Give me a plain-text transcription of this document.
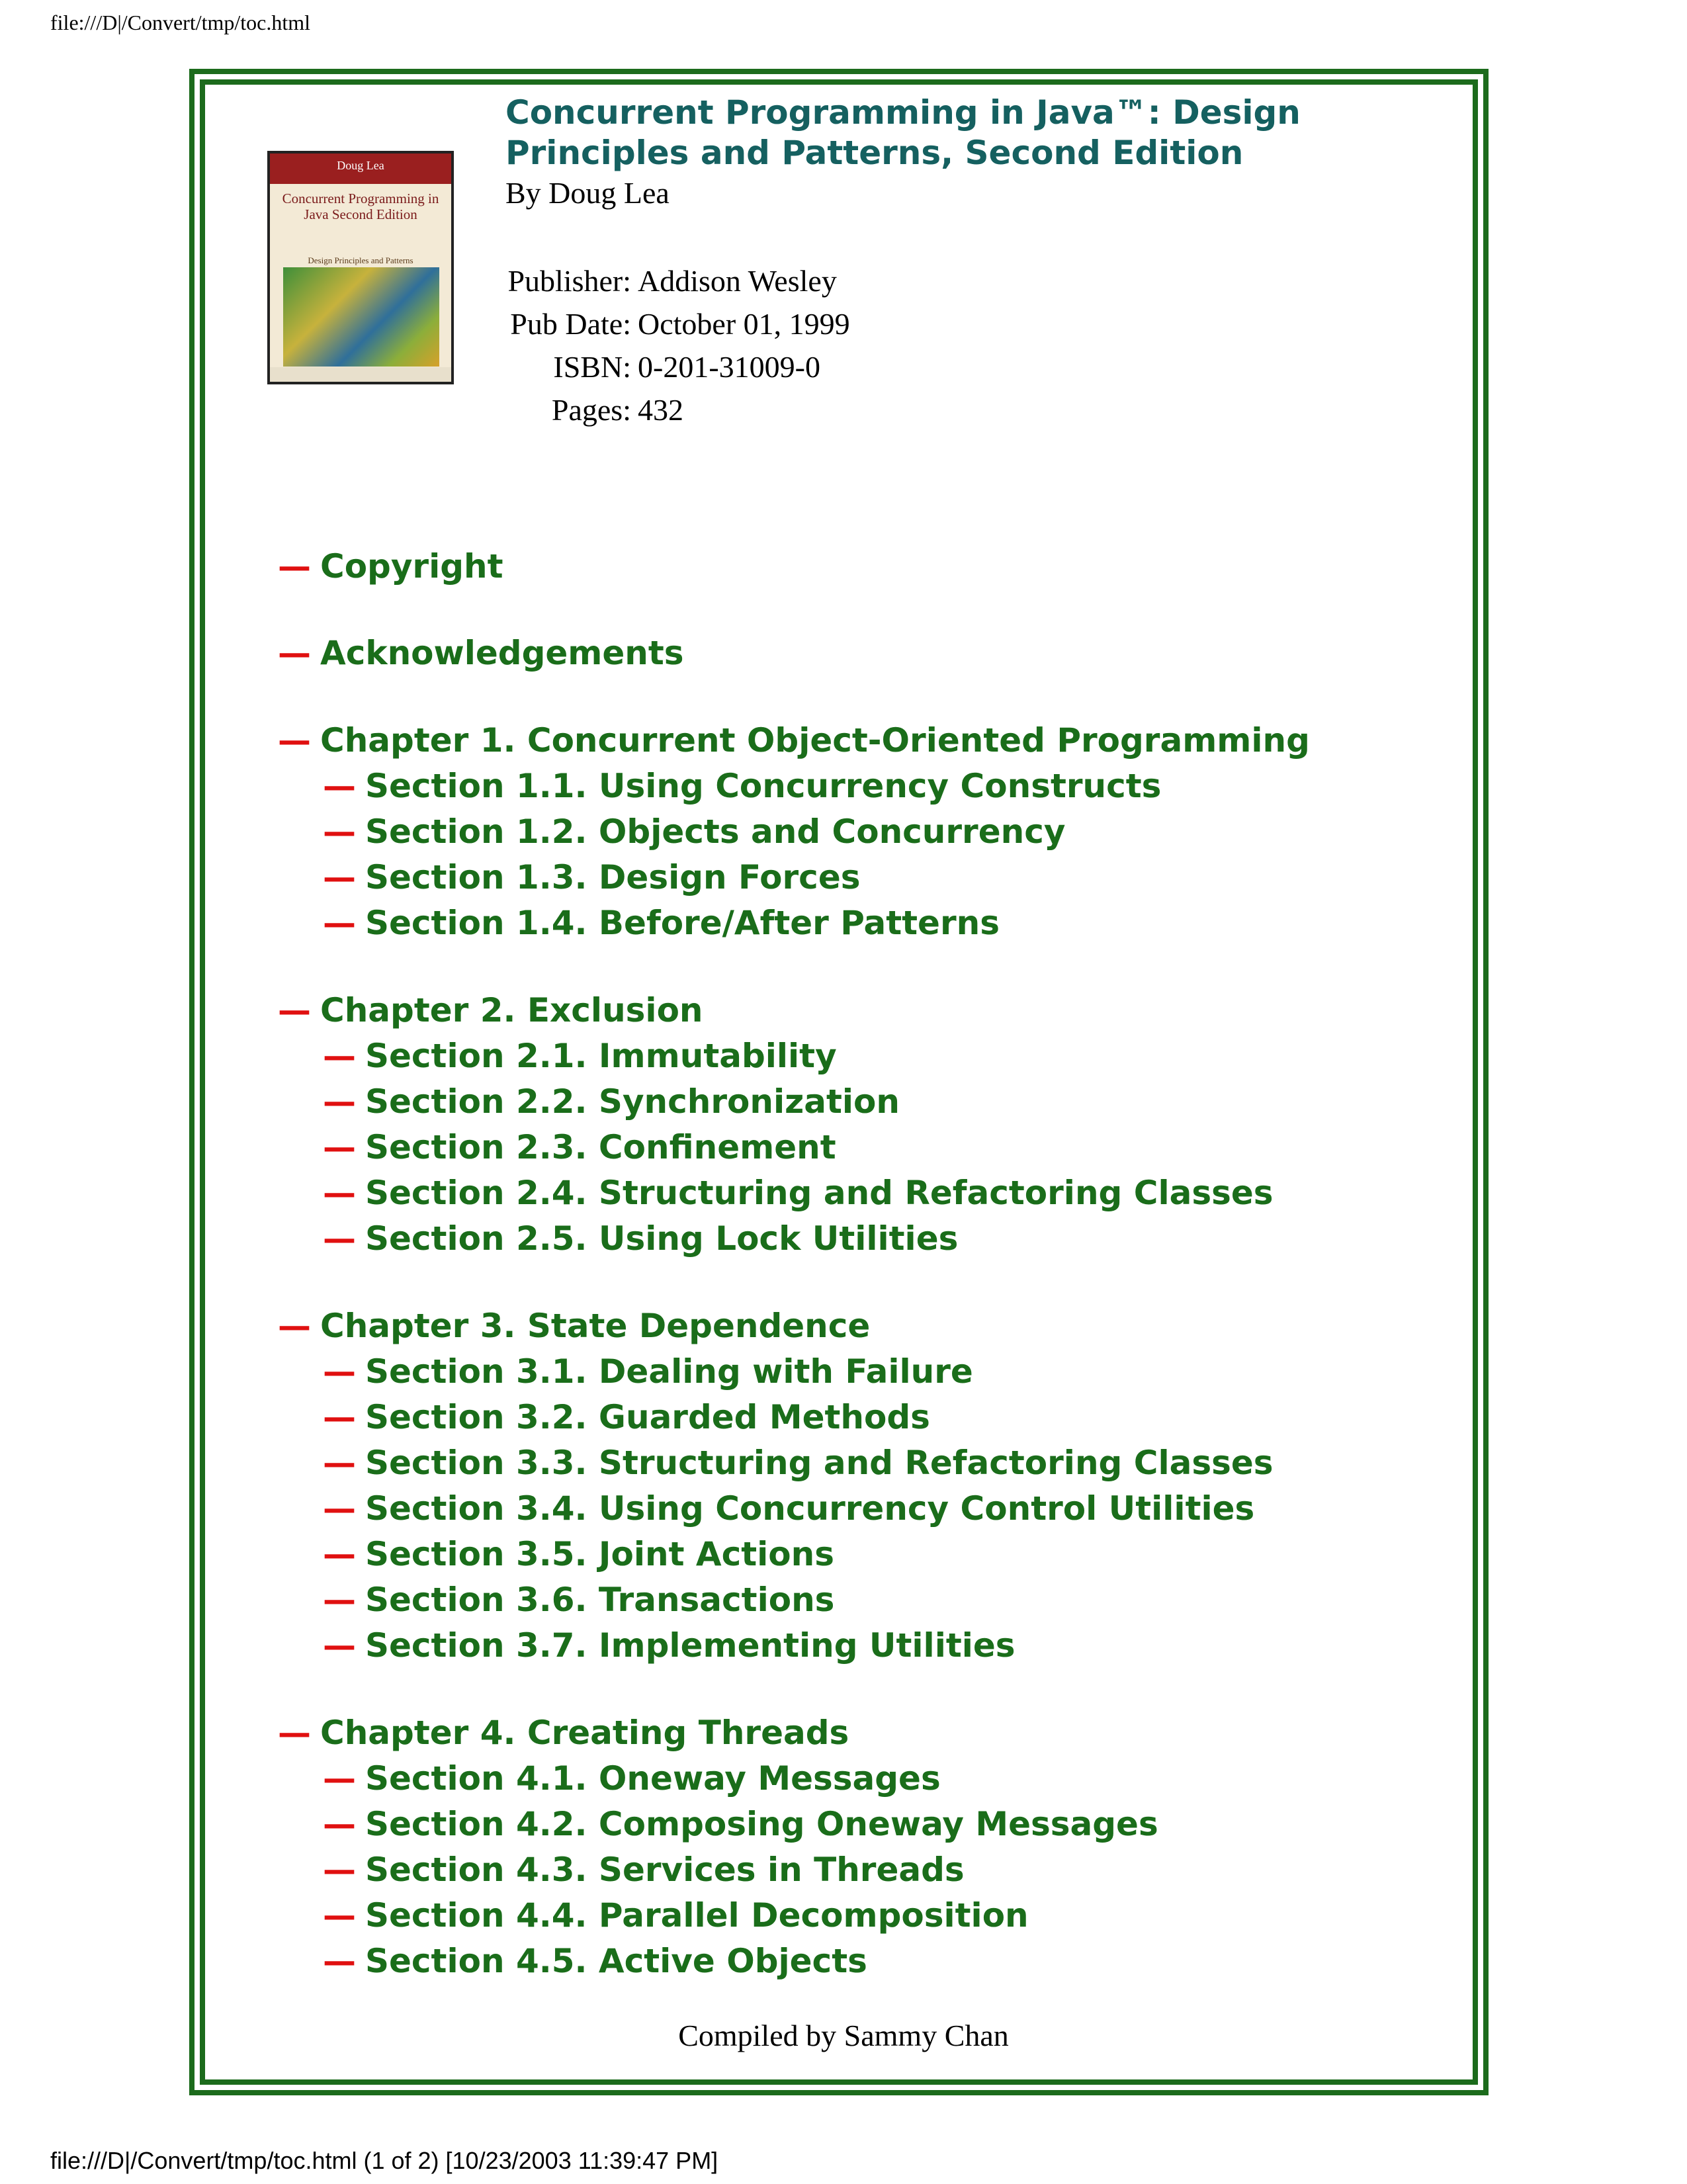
file:///D|/Convert/tmp/toc.html
Doug Lea
Concurrent Programming in Java Second Edition
Design Principles and Patterns
Concurrent Programming in Java™: Design Principles and Patterns, Second Edition
By Doug Lea
Publisher: Addison Wesley
Pub Date: October 01, 1999
ISBN: 0-201-31009-0
Pages: 432
— Copyright
— Acknowledgements
— Chapter 1. Concurrent Object-Oriented Programming
— Section 1.1. Using Concurrency Constructs
— Section 1.2. Objects and Concurrency
— Section 1.3. Design Forces
— Section 1.4. Before/After Patterns
— Chapter 2. Exclusion
— Section 2.1. Immutability
— Section 2.2. Synchronization
— Section 2.3. Confinement
— Section 2.4. Structuring and Refactoring Classes
— Section 2.5. Using Lock Utilities
— Chapter 3. State Dependence
— Section 3.1. Dealing with Failure
— Section 3.2. Guarded Methods
— Section 3.3. Structuring and Refactoring Classes
— Section 3.4. Using Concurrency Control Utilities
— Section 3.5. Joint Actions
— Section 3.6. Transactions
— Section 3.7. Implementing Utilities
— Chapter 4. Creating Threads
— Section 4.1. Oneway Messages
— Section 4.2. Composing Oneway Messages
— Section 4.3. Services in Threads
— Section 4.4. Parallel Decomposition
— Section 4.5. Active Objects
Compiled by Sammy Chan
file:///D|/Convert/tmp/toc.html (1 of 2) [10/23/2003 11:39:47 PM]
